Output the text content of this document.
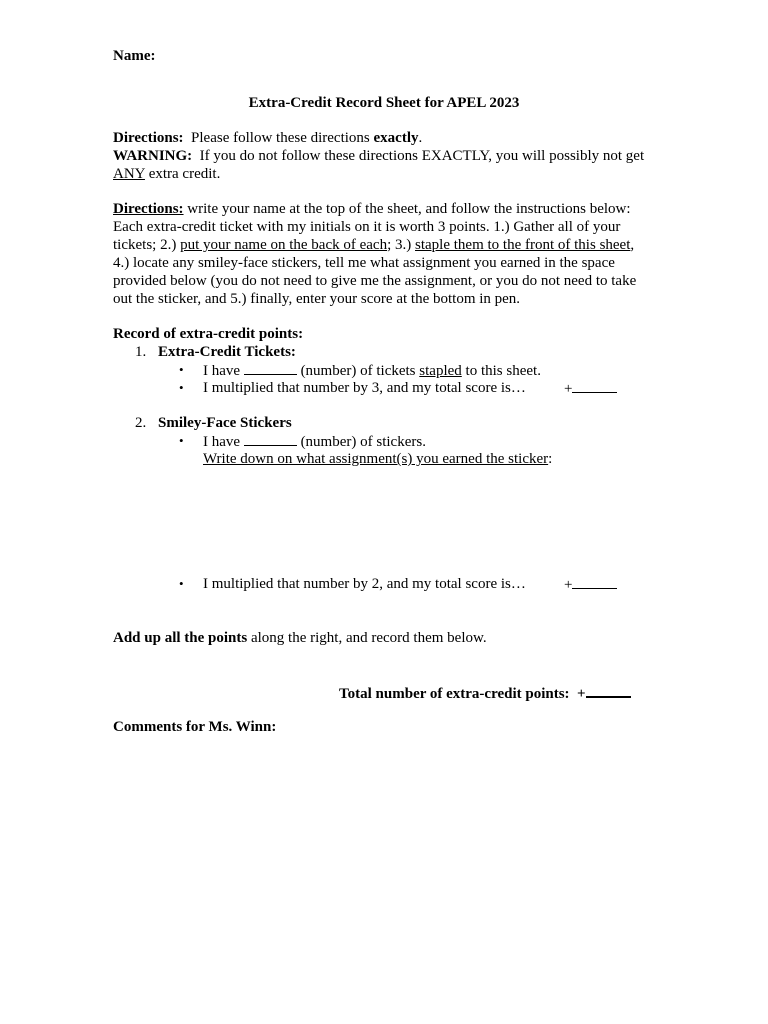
Name:
Extra-Credit Record Sheet for APEL 2023
Directions:  Please follow these directions exactly.
WARNING:  If you do not follow these directions EXACTLY, you will possibly not get
ANY extra credit.
Directions: write your name at the top of the sheet, and follow the instructions below: Each extra-credit ticket with my initials on it is worth 3 points. 1.) Gather all of your tickets; 2.) put your name on the back of each; 3.) staple them to the front of this sheet, 4.) locate any smiley-face stickers, tell me what assignment you earned in the space provided below (you do not need to give me the assignment, or you do not need to take out the sticker, and 5.) finally, enter your score at the bottom in pen.
Record of extra-credit points:
1. Extra-Credit Tickets:
• I have	(number) of tickets stapled to this sheet.
• I multiplied that number by 3, and my total score is…	+
2. Smiley-Face Stickers
• I have	(number) of stickers.
Write down on what assignment(s) you earned the sticker:
• I multiplied that number by 2, and my total score is…	+
Add up all the points along the right, and record them below.
Total number of extra-credit points:  +
Comments for Ms. Winn:
